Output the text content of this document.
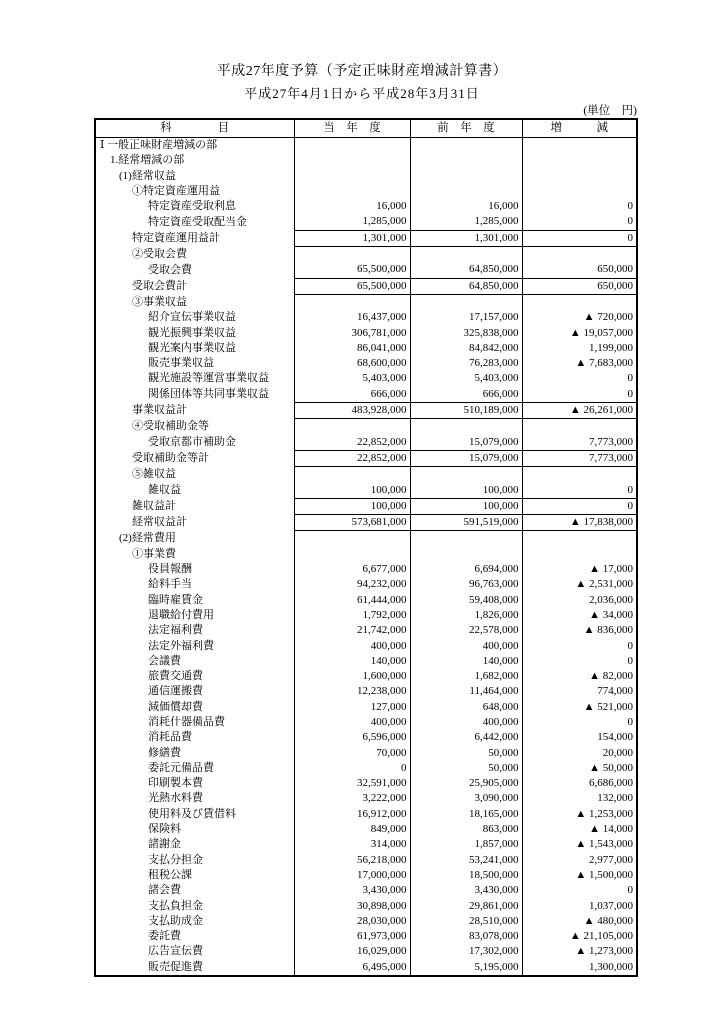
平成27年度予算（予定正味財産増減計算書）
平成27年4月1日から平成28年3月31日
(単位　円)
科　　　　目	当　年　度	前　年　度	増　　　減
Ⅰ 一般正味財産増減の部			
1.経常増減の部			
(1)経常収益			
①特定資産運用益			
特定資産受取利息	16,000	16,000	0
特定資産受取配当金	1,285,000	1,285,000	0
特定資産運用益計	1,301,000	1,301,000	0
②受取会費			
受取会費	65,500,000	64,850,000	650,000
受取会費計	65,500,000	64,850,000	650,000
③事業収益			
紹介宣伝事業収益	16,437,000	17,157,000	▲ 720,000
観光振興事業収益	306,781,000	325,838,000	▲ 19,057,000
観光案内事業収益	86,041,000	84,842,000	1,199,000
販売事業収益	68,600,000	76,283,000	▲ 7,683,000
観光施設等運営事業収益	5,403,000	5,403,000	0
関係団体等共同事業収益	666,000	666,000	0
事業収益計	483,928,000	510,189,000	▲ 26,261,000
④受取補助金等			
受取京都市補助金	22,852,000	15,079,000	7,773,000
受取補助金等計	22,852,000	15,079,000	7,773,000
⑤雑収益			
雑収益	100,000	100,000	0
雑収益計	100,000	100,000	0
経常収益計	573,681,000	591,519,000	▲ 17,838,000
(2)経常費用			
①事業費			
役員報酬	6,677,000	6,694,000	▲ 17,000
給料手当	94,232,000	96,763,000	▲ 2,531,000
臨時雇賃金	61,444,000	59,408,000	2,036,000
退職給付費用	1,792,000	1,826,000	▲ 34,000
法定福利費	21,742,000	22,578,000	▲ 836,000
法定外福利費	400,000	400,000	0
会議費	140,000	140,000	0
旅費交通費	1,600,000	1,682,000	▲ 82,000
通信運搬費	12,238,000	11,464,000	774,000
減価償却費	127,000	648,000	▲ 521,000
消耗什器備品費	400,000	400,000	0
消耗品費	6,596,000	6,442,000	154,000
修繕費	70,000	50,000	20,000
委託元備品費	0	50,000	▲ 50,000
印刷製本費	32,591,000	25,905,000	6,686,000
光熱水料費	3,222,000	3,090,000	132,000
使用料及び賃借料	16,912,000	18,165,000	▲ 1,253,000
保険料	849,000	863,000	▲ 14,000
諸謝金	314,000	1,857,000	▲ 1,543,000
支払分担金	56,218,000	53,241,000	2,977,000
租税公課	17,000,000	18,500,000	▲ 1,500,000
諸会費	3,430,000	3,430,000	0
支払負担金	30,898,000	29,861,000	1,037,000
支払助成金	28,030,000	28,510,000	▲ 480,000
委託費	61,973,000	83,078,000	▲ 21,105,000
広告宣伝費	16,029,000	17,302,000	▲ 1,273,000
販売促進費	6,495,000	5,195,000	1,300,000
